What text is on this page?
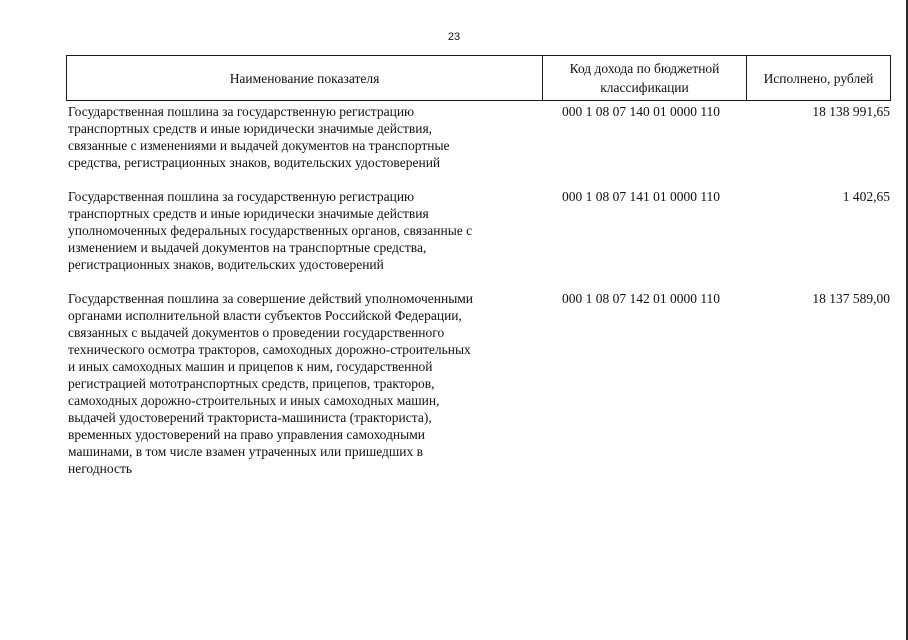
23
Наименование показателя	
Код дохода по бюджетной
классификации
	Исполнено, рублей
Государственная пошлина за государственную регистрацию
транспортных средств и иные юридически значимые действия,
связанные с изменениями и выдачей документов на транспортные
средства, регистрационных знаков, водительских удостоверений
000 1 08 07 140 01 0000 110	18 138 991,65
Государственная пошлина за государственную регистрацию
транспортных средств и иные юридически значимые действия
уполномоченных федеральных государственных органов, связанные с
изменением и выдачей документов на транспортные средства,
регистрационных знаков, водительских удостоверений
000 1 08 07 141 01 0000 110	1 402,65
Государственная пошлина за совершение действий уполномоченными
органами исполнительной власти субъектов Российской Федерации,
связанных с выдачей документов о проведении государственного
технического осмотра тракторов, самоходных дорожно-строительных
и иных самоходных машин и прицепов к ним, государственной
регистрацией мототранспортных средств, прицепов, тракторов,
самоходных дорожно-строительных и иных самоходных машин,
выдачей удостоверений тракториста-машиниста (тракториста),
временных удостоверений на право управления самоходными
машинами, в том числе взамен утраченных или пришедших в
негодность
000 1 08 07 142 01 0000 110	18 137 589,00
